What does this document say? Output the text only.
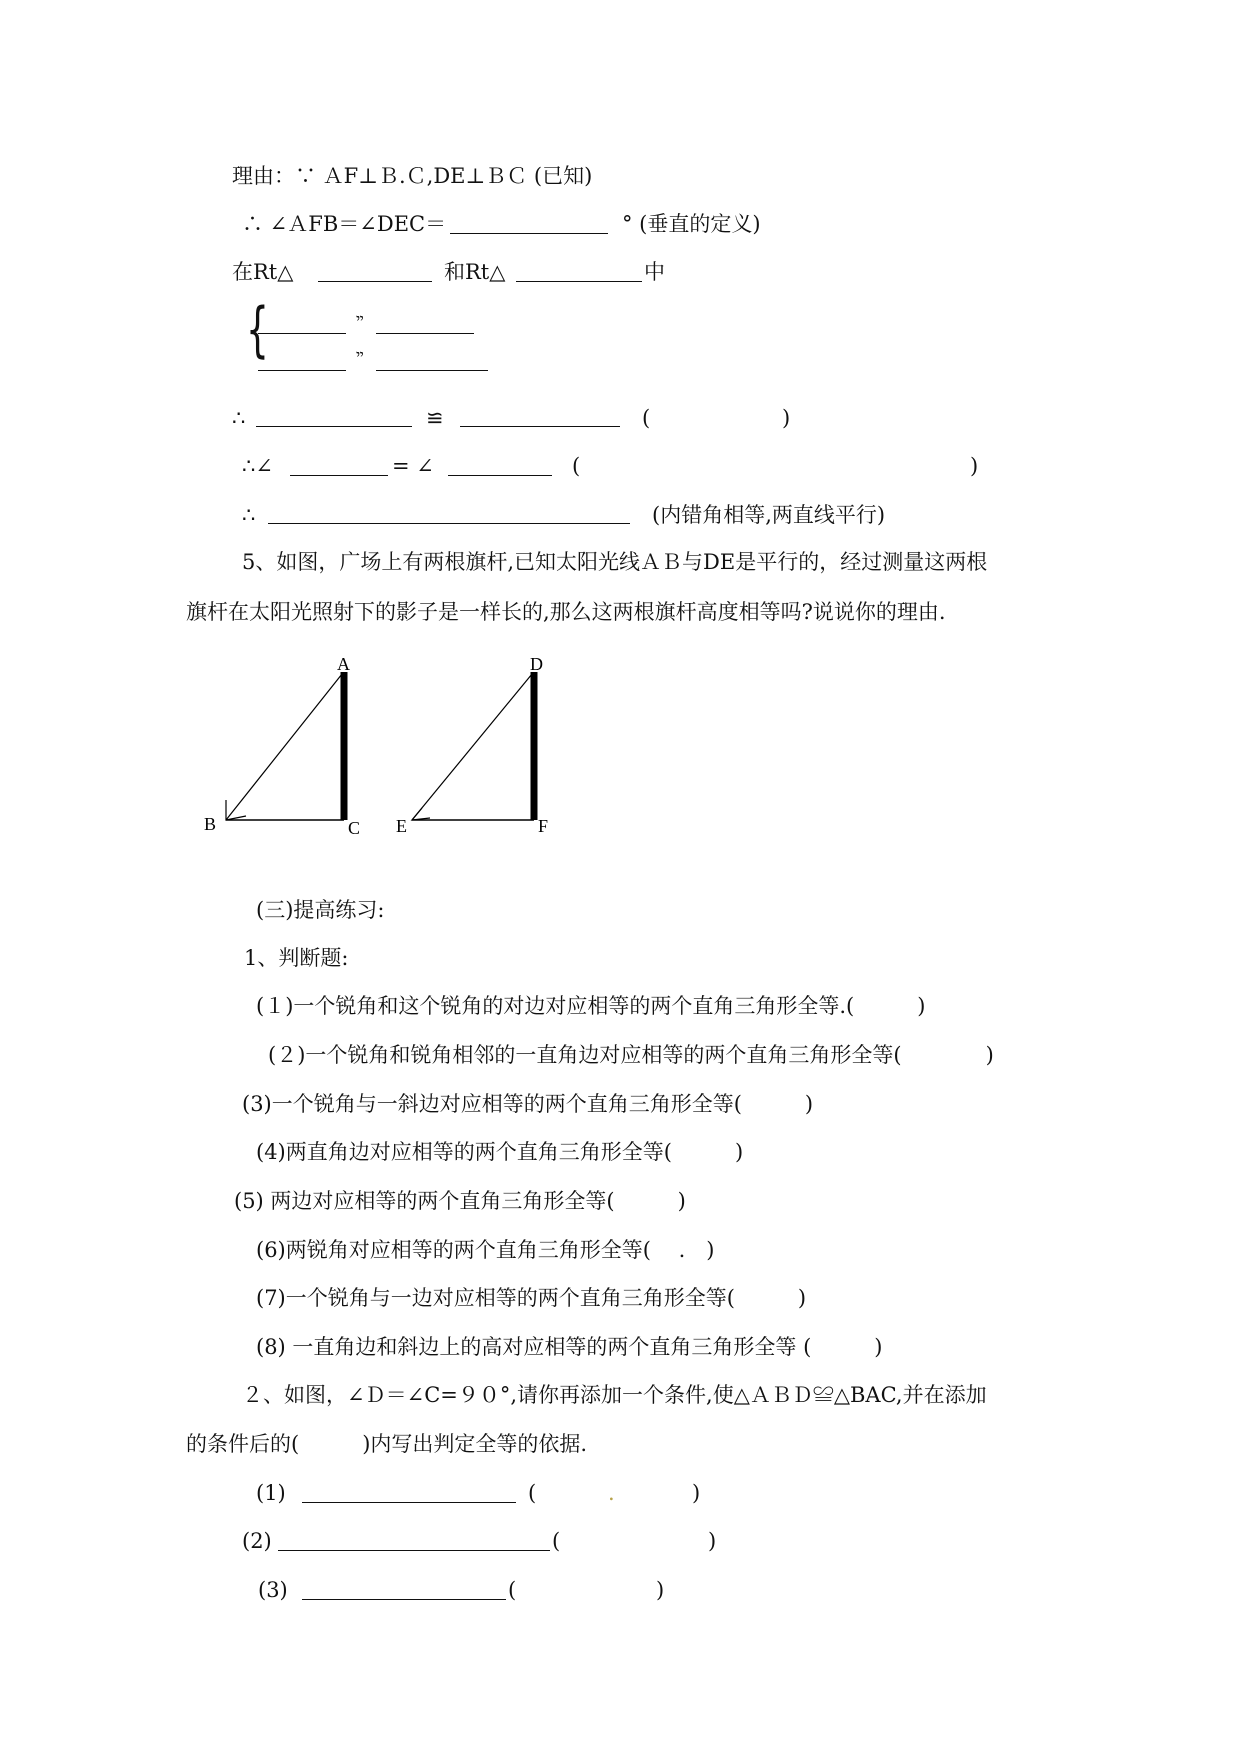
理由：∵ ＡF⊥Ｂ.Ｃ,DE⊥ＢＣ (已知)
∴ ∠ＡFB＝∠DEC＝	° (垂直的定义)
在Rt△	和Rt△	中
{	ײ
ײ
∴	≌	(	)
∴∠	= ∠	(	)
∴	(内错角相等,两直线平行)
5、如图，广场上有两根旗杆,已知太阳光线ＡＢ与DE是平行的，经过测量这两根
旗杆在太阳光照射下的影子是一样长的,那么这两根旗杆高度相等吗?说说你的理由.
A
B	C
D
E	F
(三)提高练习:
1、判断题:
(１)一个锐角和这个锐角的对边对应相等的两个直角三角形全等.(　　　)
(２)一个锐角和锐角相邻的一直角边对应相等的两个直角三角形全等(　　　　)
(3)一个锐角与一斜边对应相等的两个直角三角形全等(　　　)
(4)两直角边对应相等的两个直角三角形全等(　　　)
(5) 两边对应相等的两个直角三角形全等(　　　)
(6)两锐角对应相等的两个直角三角形全等(　 .　)
(7)一个锐角与一边对应相等的两个直角三角形全等(　　　)
(8) 一直角边和斜边上的高对应相等的两个直角三角形全等 (　　　)
２、如图，∠Ｄ＝∠C=９０°,请你再添加一个条件,使△ＡＢＤ≌△BAC,并在添加
的条件后的(　　　)内写出判定全等的依据.
(1)	(	.	)
(2)	(	)
(3)	(	)
